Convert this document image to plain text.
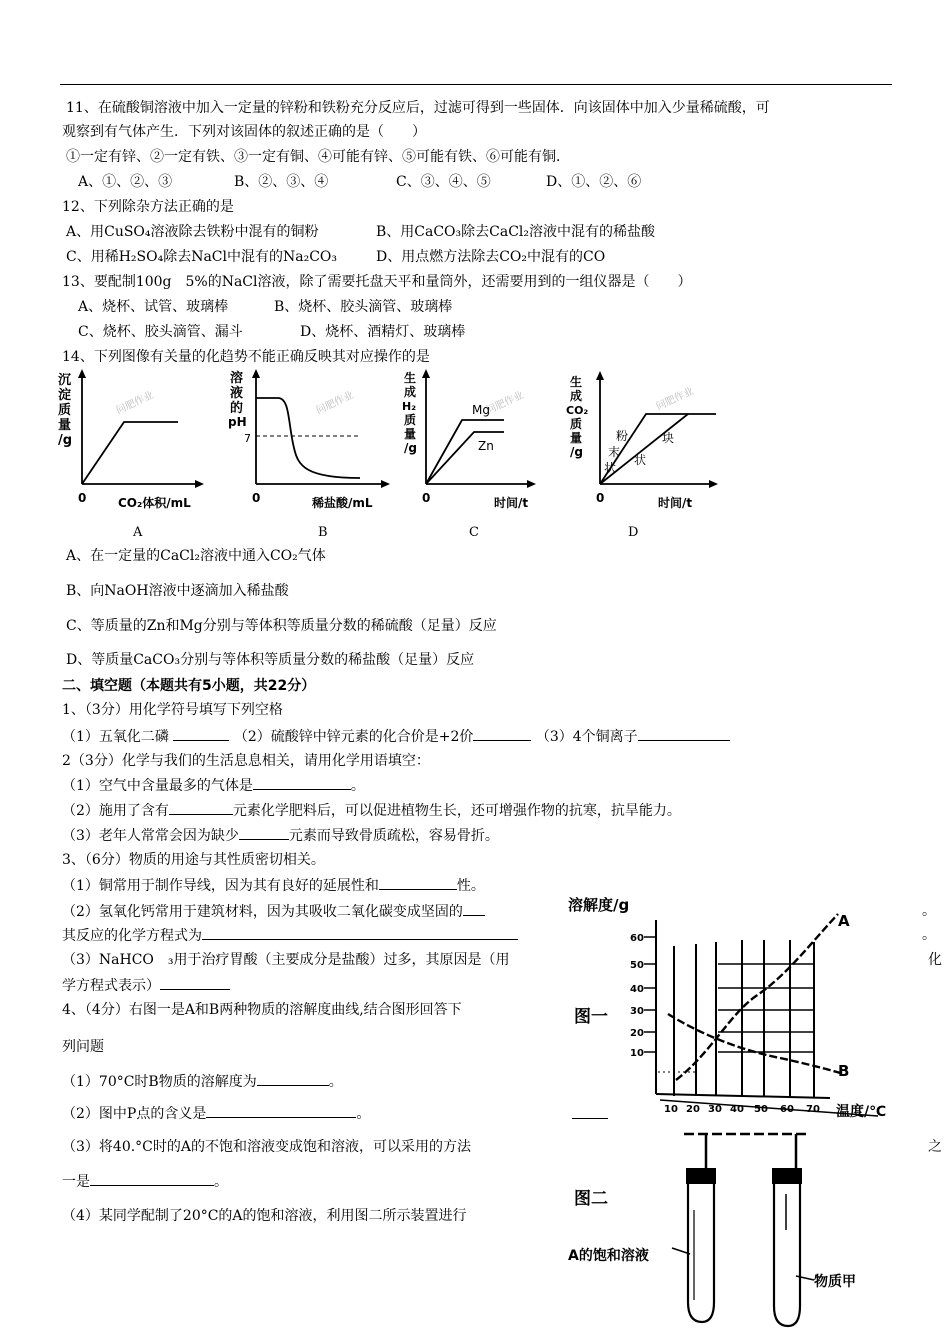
11、在硫酸铜溶液中加入一定量的锌粉和铁粉充分反应后，过滤可得到一些固体．向该固体中加入少量稀硫酸，可
观察到有气体产生．下列对该固体的叙述正确的是（　　）
①一定有锌、②一定有铁、③一定有铜、④可能有锌、⑤可能有铁、⑥可能有铜．
A、①、②、③	B、②、③、④	C、③、④、⑤	D、①、②、⑥
12、下列除杂方法正确的是
A、用CuSO₄溶液除去铁粉中混有的铜粉	B、用CaCO₃除去CaCl₂溶液中混有的稀盐酸
C、用稀H₂SO₄除去NaCl中混有的Na₂CO₃	D、用点燃方法除去CO₂中混有的CO
13、要配制100g　5%的NaCl溶液，除了需要托盘天平和量筒外，还需要用到的一组仪器是（　　）
A、烧杯、试管、玻璃棒	B、烧杯、胶头滴管、玻璃棒
C、烧杯、胶头滴管、漏斗	D、烧杯、酒精灯、玻璃棒
14、下列图像有关量的化趋势不能正确反映其对应操作的是
问肥作业
沉
淀
质
量
/g
0	CO₂体积/mL
A
问肥作业
溶
液
的
pH
7
0	稀盐酸/mL
B
问肥作业
生
成
H₂
质
量
/g
Mg
Zn
0	时间/t
C
问肥作业
生
成
CO₂
质
量
/g
粉
末
状
块
状
0	时间/t
D
A、在一定量的CaCl₂溶液中通入CO₂气体
B、向NaOH溶液中逐滴加入稀盐酸
C、等质量的Zn和Mg分别与等体积等质量分数的稀硫酸（足量）反应
D、等质量CaCO₃分别与等体积等质量分数的稀盐酸（足量）反应
二、填空题（本题共有5小题，共22分）
1、（3分）用化学符号填写下列空格
（1）五氧化二磷	（2）硫酸锌中锌元素的化合价是+2价	（3）4个铜离子
2（3分）化学与我们的生活息息相关，请用化学用语填空：
（1）空气中含量最多的气体是	。
（2）施用了含有	元素化学肥料后，可以促进植物生长，还可增强作物的抗寒，抗旱能力。
（3）老年人常常会因为缺少	元素而导致骨质疏松，容易骨折。
3、（6分）物质的用途与其性质密切相关。
（1）铜常用于制作导线，因为其有良好的延展性和	性。
（2）氢氧化钙常用于建筑材料，因为其吸收二氧化碳变成坚固的	。
其反应的化学方程式为	。
（3）NaHCO　₃用于治疗胃酸（主要成分是盐酸）过多，其原因是（用	化
学方程式表示）
4、（4分）右图一是A和B两种物质的溶解度曲线,结合图形回答下
列问题
（1）70°C时B物质的溶解度为	。
（2）图中P点的含义是	。
（3）将40.°C时的A的不饱和溶液变成饱和溶液，可以采用的方法	之
一是	。
（4）某同学配制了20°C的A的饱和溶液，利用图二所示装置进行
溶解度/g
图一
60
50
40
30
20
10
A
B
10 20 30 40 50 60 70 温度/℃
图二
A的饱和溶液
物质甲
